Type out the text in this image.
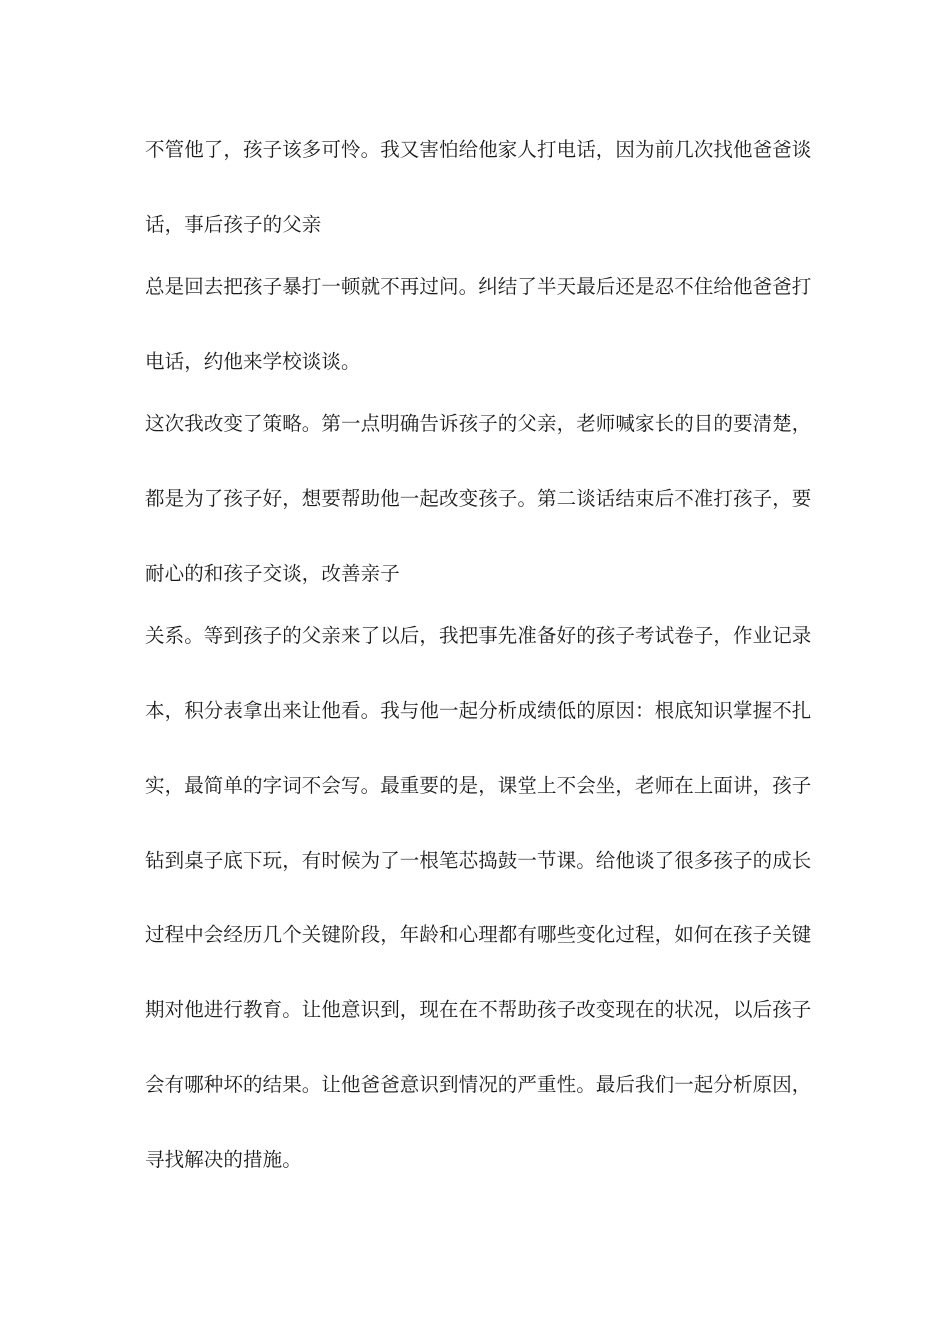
不管他了，孩子该多可怜。我又害怕给他家人打电话，因为前几次找他爸爸谈
话，事后孩子的父亲
总是回去把孩子暴打一顿就不再过问。纠结了半天最后还是忍不住给他爸爸打
电话，约他来学校谈谈。
这次我改变了策略。第一点明确告诉孩子的父亲，老师喊家长的目的要清楚，
都是为了孩子好，想要帮助他一起改变孩子。第二谈话结束后不准打孩子，要
耐心的和孩子交谈，改善亲子
关系。等到孩子的父亲来了以后，我把事先准备好的孩子考试卷子，作业记录
本，积分表拿出来让他看。我与他一起分析成绩低的原因：根底知识掌握不扎
实，最简单的字词不会写。最重要的是，课堂上不会坐，老师在上面讲，孩子
钻到桌子底下玩，有时候为了一根笔芯捣鼓一节课。给他谈了很多孩子的成长
过程中会经历几个关键阶段，年龄和心理都有哪些变化过程，如何在孩子关键
期对他进行教育。让他意识到，现在在不帮助孩子改变现在的状况，以后孩子
会有哪种坏的结果。让他爸爸意识到情况的严重性。最后我们一起分析原因，
寻找解决的措施。
